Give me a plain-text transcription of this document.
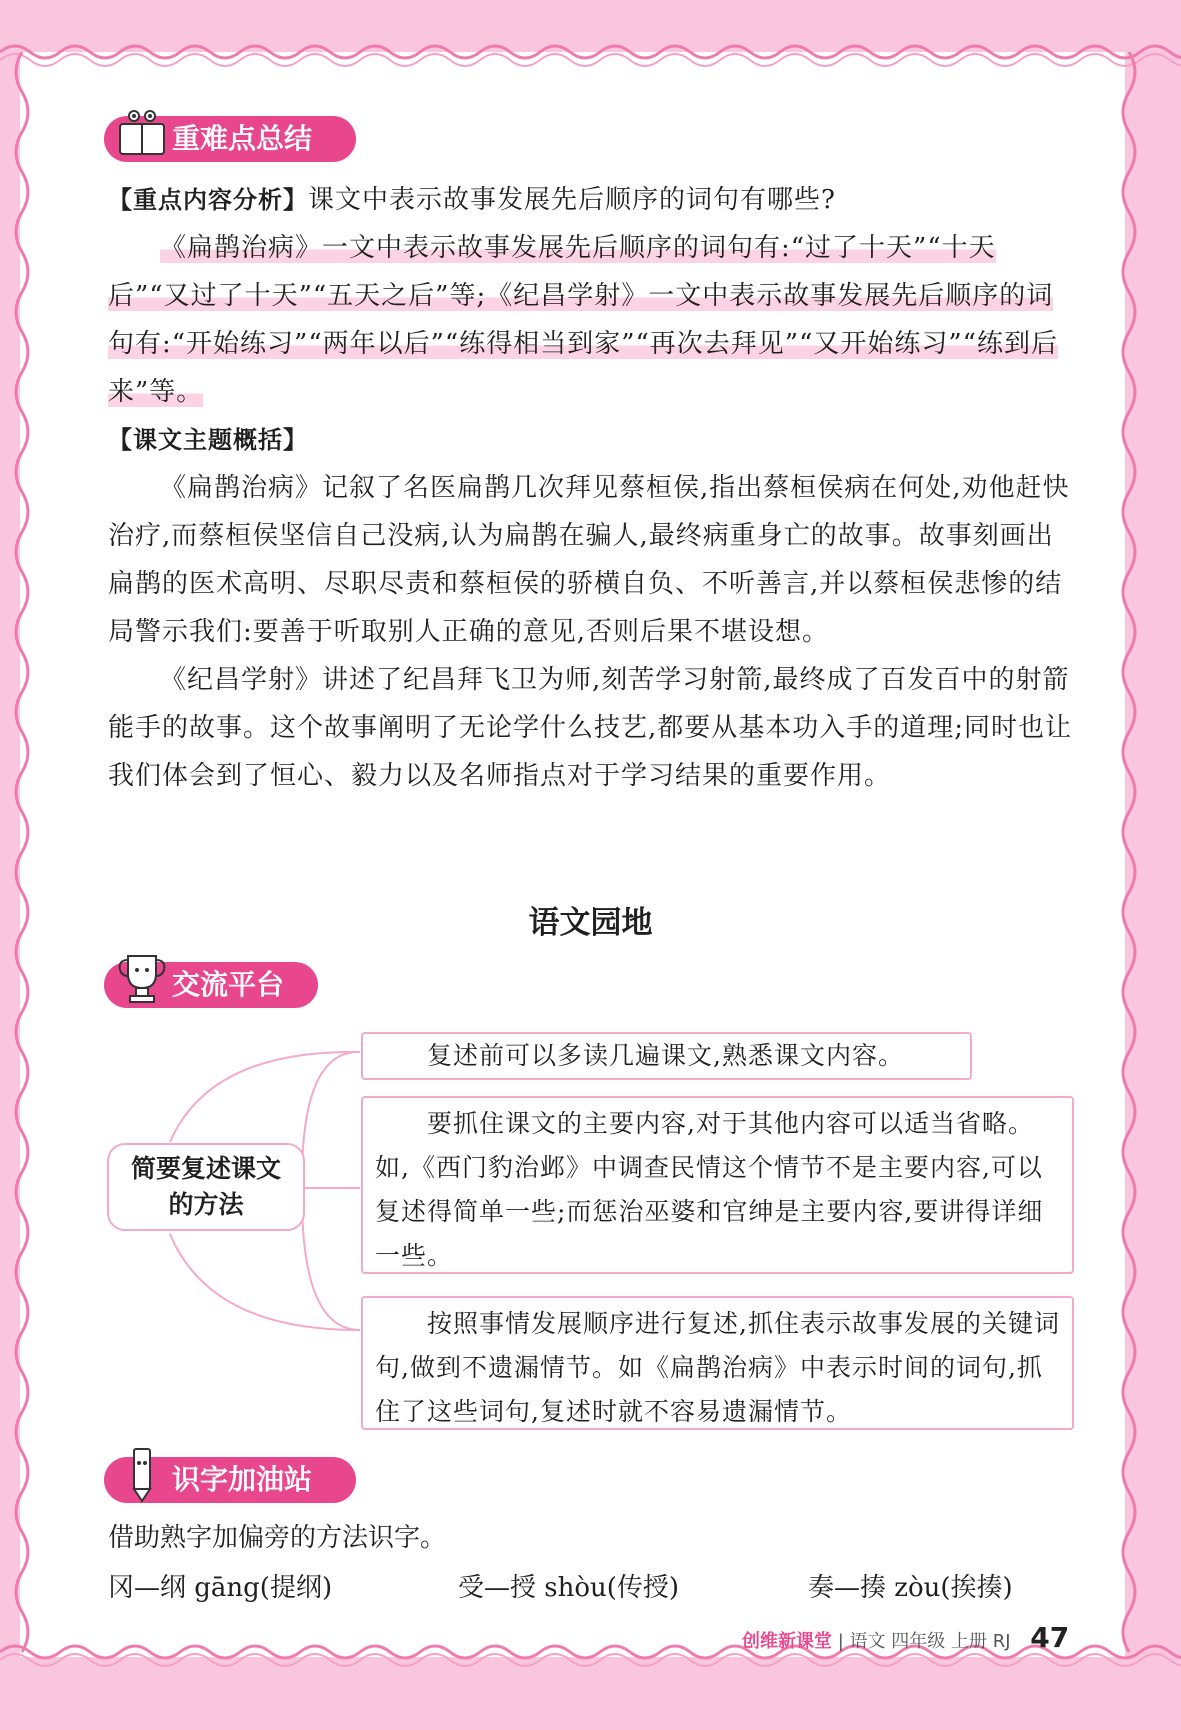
重难点总结

【重点内容分析】课文中表示故事发展先后顺序的词句有哪些?

《扁鹊治病》一文中表示故事发展先后顺序的词句有:“过了十天”“十天后”“又过了十天”“五天之后”等;《纪昌学射》一文中表示故事发展先后顺序的词句有:“开始练习”“两年以后”“练得相当到家”“再次去拜见”“又开始练习”“练到后来”等。

【课文主题概括】

《扁鹊治病》记叙了名医扁鹊几次拜见蔡桓侯,指出蔡桓侯病在何处,劝他赶快治疗,而蔡桓侯坚信自己没病,认为扁鹊在骗人,最终病重身亡的故事。故事刻画出扁鹊的医术高明、尽职尽责和蔡桓侯的骄横自负、不听善言,并以蔡桓侯悲惨的结局警示我们:要善于听取别人正确的意见,否则后果不堪设想。

《纪昌学射》讲述了纪昌拜飞卫为师,刻苦学习射箭,最终成了百发百中的射箭能手的故事。这个故事阐明了无论学什么技艺,都要从基本功入手的道理;同时也让我们体会到了恒心、毅力以及名师指点对于学习结果的重要作用。

语文园地
交流平台
简要复述课文
的方法
复述前可以多读几遍课文,熟悉课文内容。
要抓住课文的主要内容,对于其他内容可以适当省略。如,《西门豹治邺》中调查民情这个情节不是主要内容,可以复述得简单一些;而惩治巫婆和官绅是主要内容,要讲得详细一些。
按照事情发展顺序进行复述,抓住表示故事发展的关键词句,做到不遗漏情节。如《扁鹊治病》中表示时间的词句,抓住了这些词句,复述时就不容易遗漏情节。
识字加油站
借助熟字加偏旁的方法识字。
冈—纲 gāng(提纲)	受—授 shòu(传授)	奏—揍 zòu(挨揍)
创维新课堂 | 语文 四年级 上册 RJ 47
